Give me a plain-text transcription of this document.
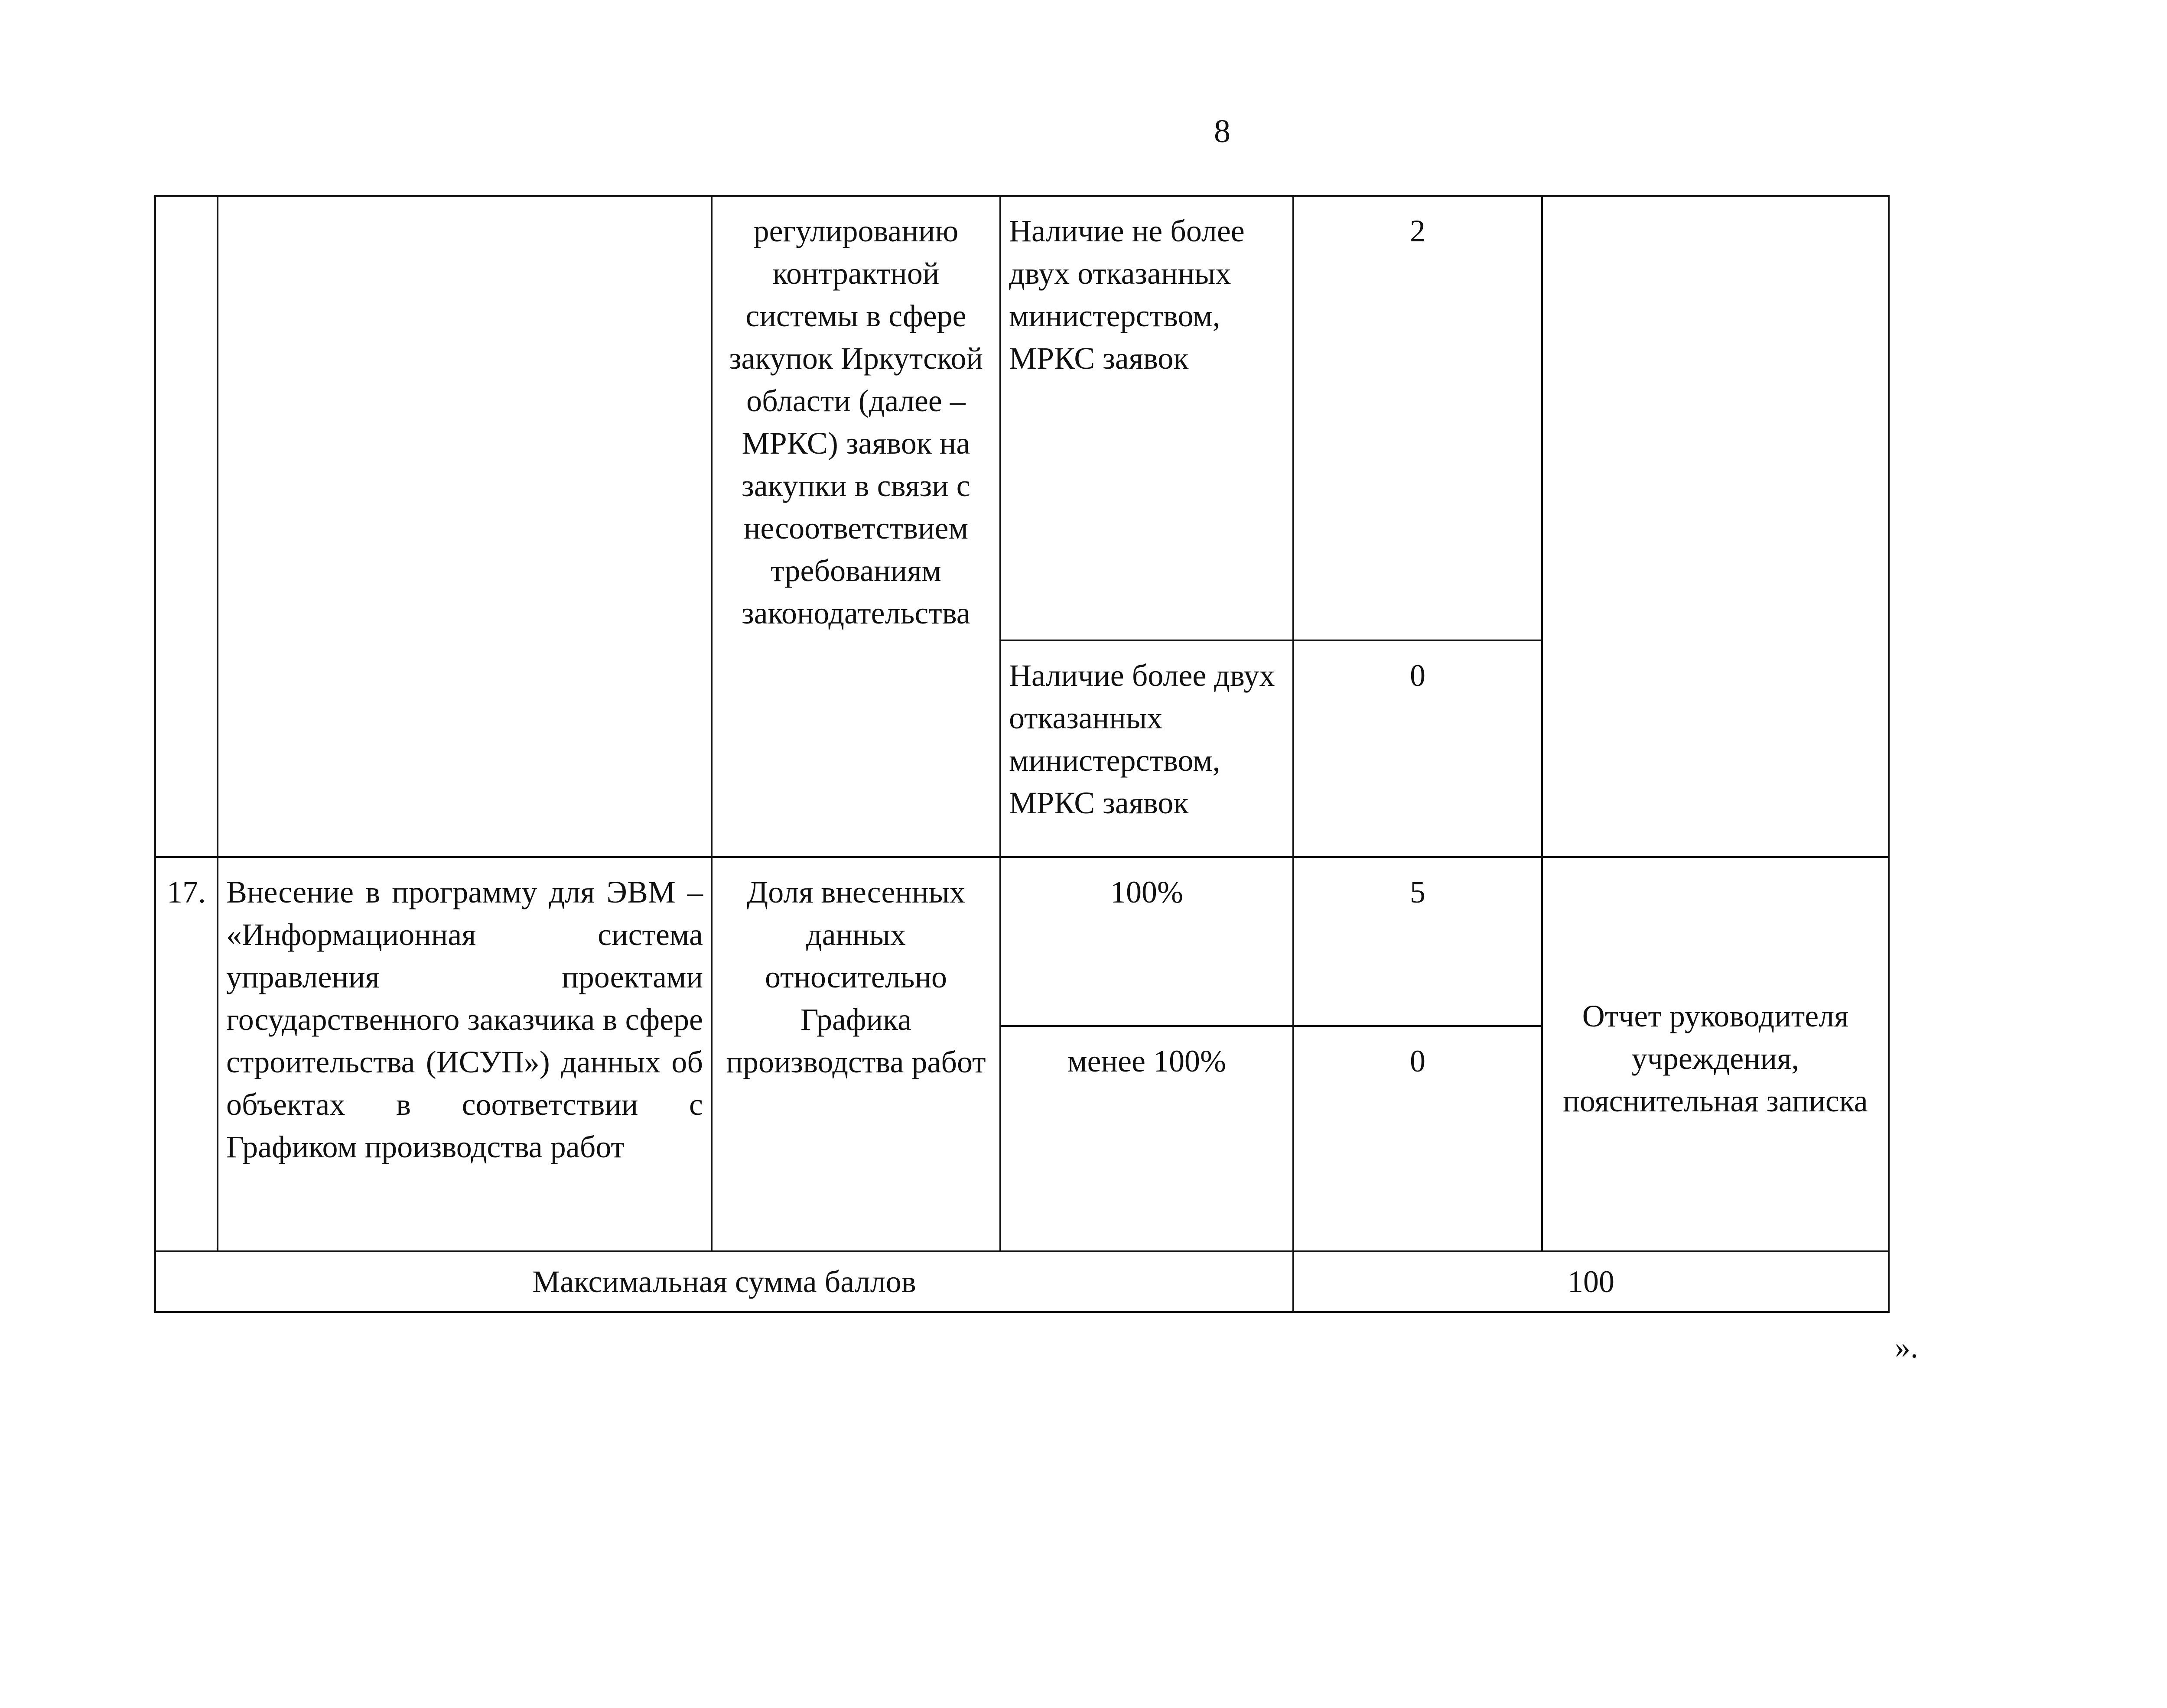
8
		регулированию контрактной системы в сфере закупок Иркутской области (далее – МРКС) заявок на закупки в связи с несоответствием требованиям законодательства	Наличие не более двух отказанных министерством, МРКС заявок	2	
			Наличие более двух отказанных министерством, МРКС заявок	0	
17.	Внесение в программу для ЭВМ – «Информационная система управления проектами государственного заказчика в сфере строительства (ИСУП») данных об объектах в соответствии с Графиком производства работ	Доля внесенных данных относительно Графика производства работ	100%	5	Отчет руководителя учреждения, пояснительная записка
			менее 100%	0	
Максимальная сумма баллов				100	
».
